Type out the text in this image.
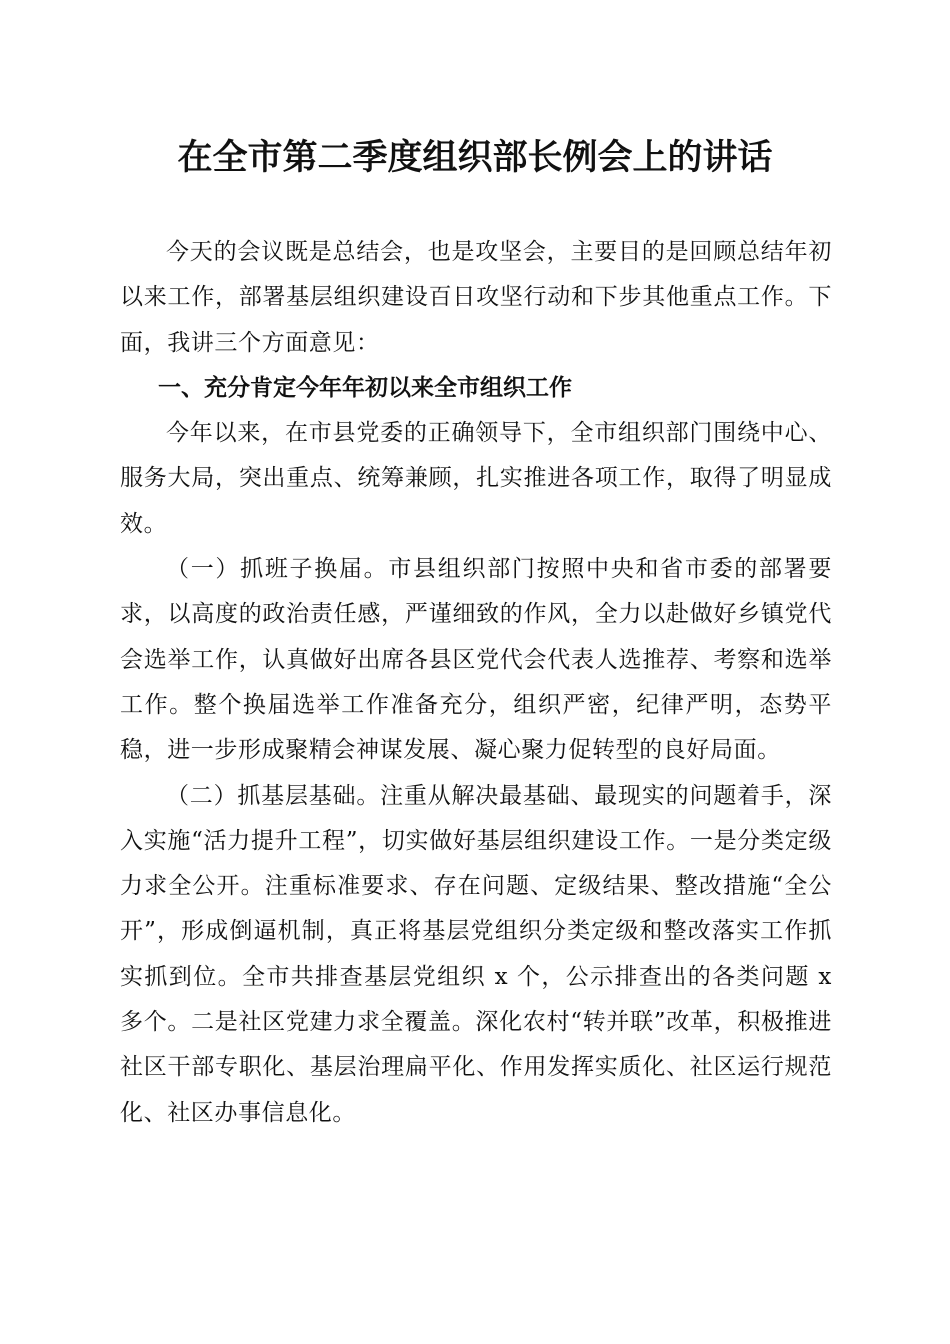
在全市第二季度组织部长例会上的讲话

今天的会议既是总结会，也是攻坚会，主要目的是回顾总结年初以来工作，部署基层组织建设百日攻坚行动和下步其他重点工作。下面，我讲三个方面意见：

一、充分肯定今年年初以来全市组织工作

今年以来，在市县党委的正确领导下，全市组织部门围绕中心、服务大局，突出重点、统筹兼顾，扎实推进各项工作，取得了明显成效。

（一）抓班子换届。市县组织部门按照中央和省市委的部署要求，以高度的政治责任感，严谨细致的作风，全力以赴做好乡镇党代会选举工作，认真做好出席各县区党代会代表人选推荐、考察和选举工作。整个换届选举工作准备充分，组织严密，纪律严明，态势平稳，进一步形成聚精会神谋发展、凝心聚力促转型的良好局面。

（二）抓基层基础。注重从解决最基础、最现实的问题着手，深入实施“活力提升工程”，切实做好基层组织建设工作。一是分类定级力求全公开。注重标准要求、存在问题、定级结果、整改措施“全公开”，形成倒逼机制，真正将基层党组织分类定级和整改落实工作抓实抓到位。全市共排查基层党组织 x 个，公示排查出的各类问题 x 多个。二是社区党建力求全覆盖。深化农村“转并联”改革，积极推进社区干部专职化、基层治理扁平化、作用发挥实质化、社区运行规范化、社区办事信息化。
